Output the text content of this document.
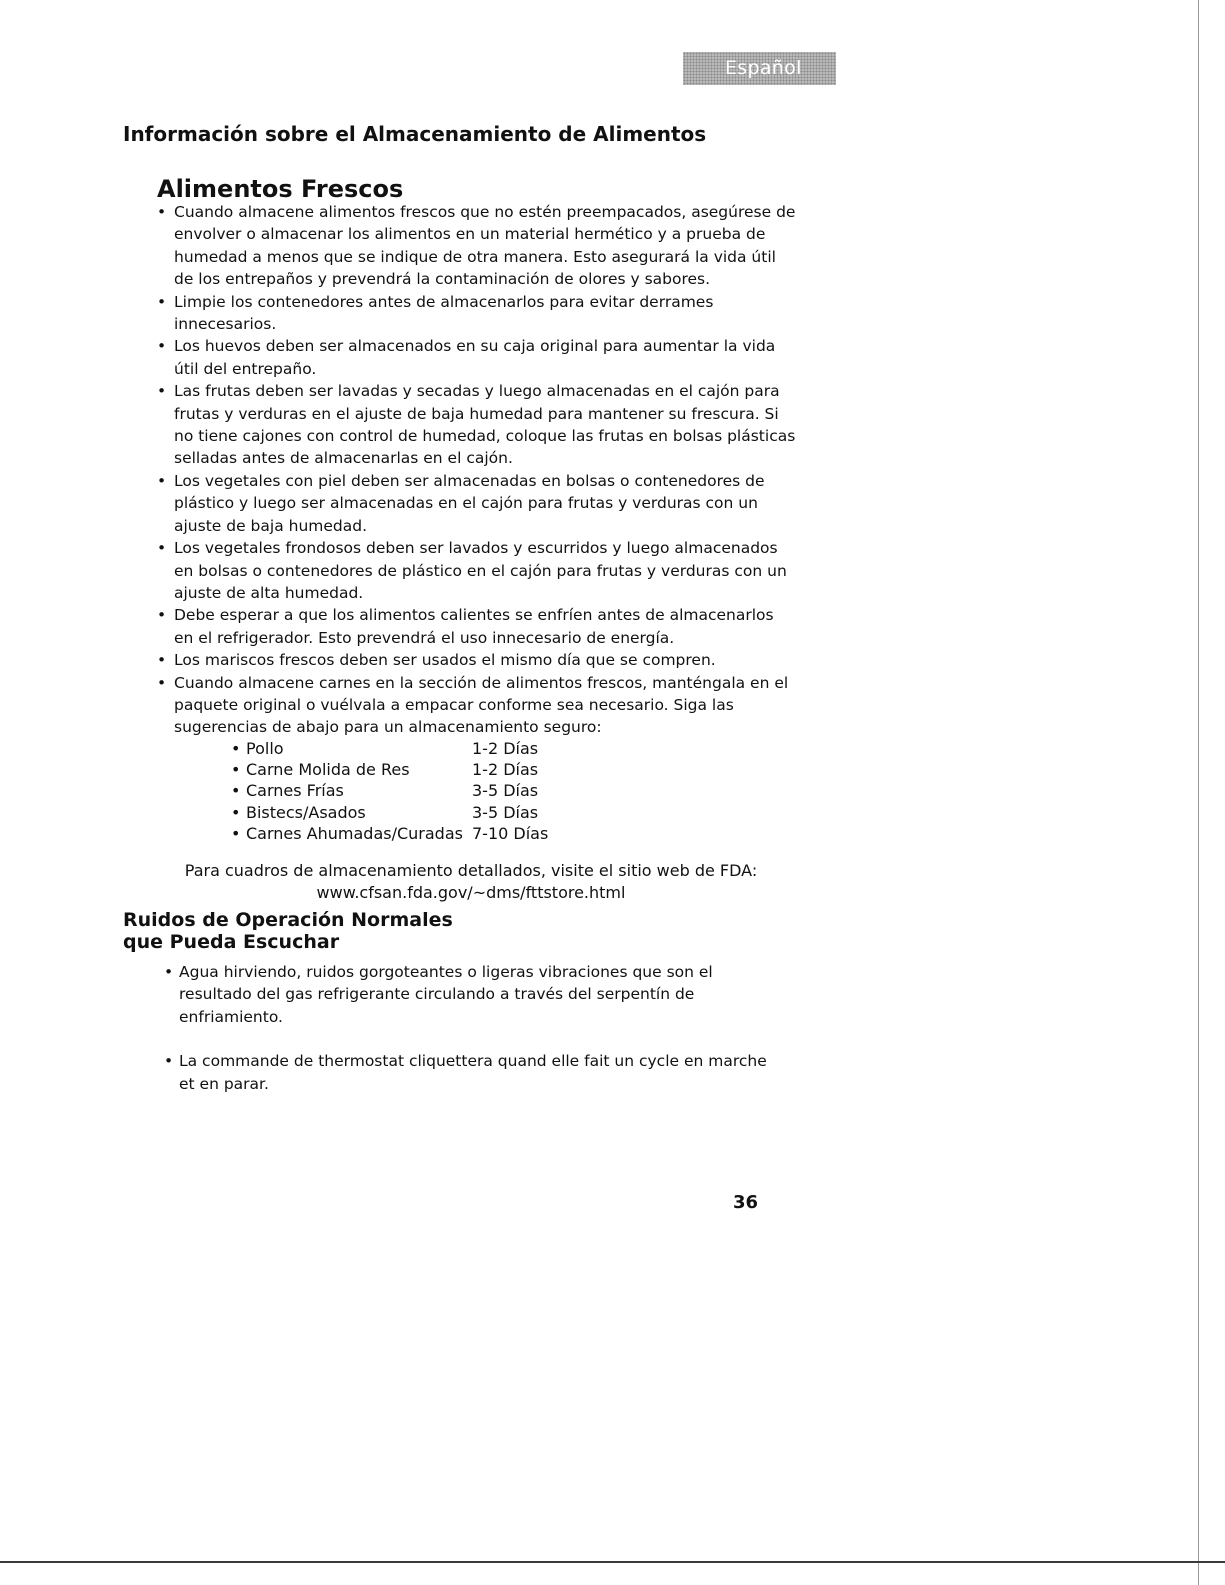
Español
Información sobre el Almacenamiento de Alimentos
Alimentos Frescos
• Cuando almacene alimentos frescos que no estén preempacados, asegúrese de envolver o almacenar los alimentos en un material hermético y a prueba de humedad a menos que se indique de otra manera. Esto asegurará la vida útil de los entrepaños y prevendrá la contaminación de olores y sabores.
• Limpie los contenedores antes de almacenarlos para evitar derrames innecesarios.
• Los huevos deben ser almacenados en su caja original para aumentar la vida útil del entrepaño.
• Las frutas deben ser lavadas y secadas y luego almacenadas en el cajón para frutas y verduras en el ajuste de baja humedad para mantener su frescura. Si no tiene cajones con control de humedad, coloque las frutas en bolsas plásticas selladas antes de almacenarlas en el cajón.
• Los vegetales con piel deben ser almacenadas en bolsas o contenedores de plástico y luego ser almacenadas en el cajón para frutas y verduras con un ajuste de baja humedad.
• Los vegetales frondosos deben ser lavados y escurridos y luego almacenados en bolsas o contenedores de plástico en el cajón para frutas y verduras con un ajuste de alta humedad.
• Debe esperar a que los alimentos calientes se enfríen antes de almacenarlos en el refrigerador. Esto prevendrá el uso innecesario de energía.
• Los mariscos frescos deben ser usados el mismo día que se compren.
• Cuando almacene carnes en la sección de alimentos frescos, manténgala en el paquete original o vuélvala a empacar conforme sea necesario. Siga las sugerencias de abajo para un almacenamiento seguro:
• Pollo	1-2 Días
• Carne Molida de Res	1-2 Días
• Carnes Frías	3-5 Días
• Bistecs/Asados	3-5 Días
• Carnes Ahumadas/Curadas 7-10 Días
Para cuadros de almacenamiento detallados, visite el sitio web de FDA:
www.cfsan.fda.gov/~dms/fttstore.html
Ruidos de Operación Normales
que Pueda Escuchar
• Agua hirviendo, ruidos gorgoteantes o ligeras vibraciones que son el resultado del gas refrigerante circulando a través del serpentín de enfriamiento.
• La commande de thermostat cliquettera quand elle fait un cycle en marche et en parar.
36
